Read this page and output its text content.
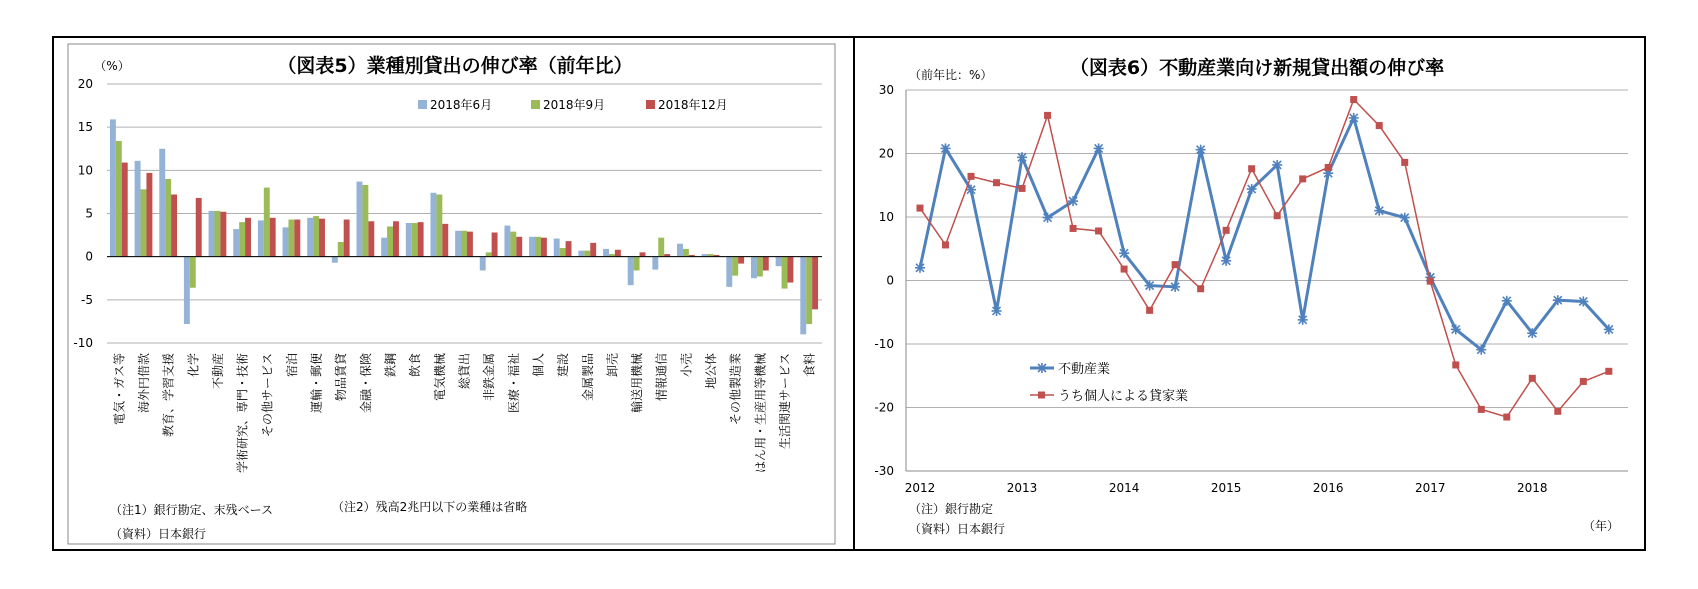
（図表5）業種別貸出の伸び率（前年比）
（%）
20
15
10
5
0
-5
-10
電気・ガス等 海外円借款 教育、学習支援 化学 不動産 学術研究、専門・技術 その他サービス 宿泊 運輸・郵便 物品賃貸 金融・保険 鉄鋼 飲食 電気機械 総貸出 非鉄金属 医療・福祉 個人 建設 金属製品 卸売 輸送用機械 情報通信 小売 地公体 その他製造業 はん用・生産用等機械 生活関連サービス 食料
2018年6月	2018年9月	2018年12月
（注1）銀行勘定、末残ベース	（注2）残高2兆円以下の業種は省略
（資料）日本銀行
（図表6）不動産業向け新規貸出額の伸び率
（前年比：%）
30
20
10
0
-10
-20
-30
2012	2013	2014	2015	2016	2017	2018
不動産業
うち個人による貸家業
（注）銀行勘定
（資料）日本銀行	（年）
